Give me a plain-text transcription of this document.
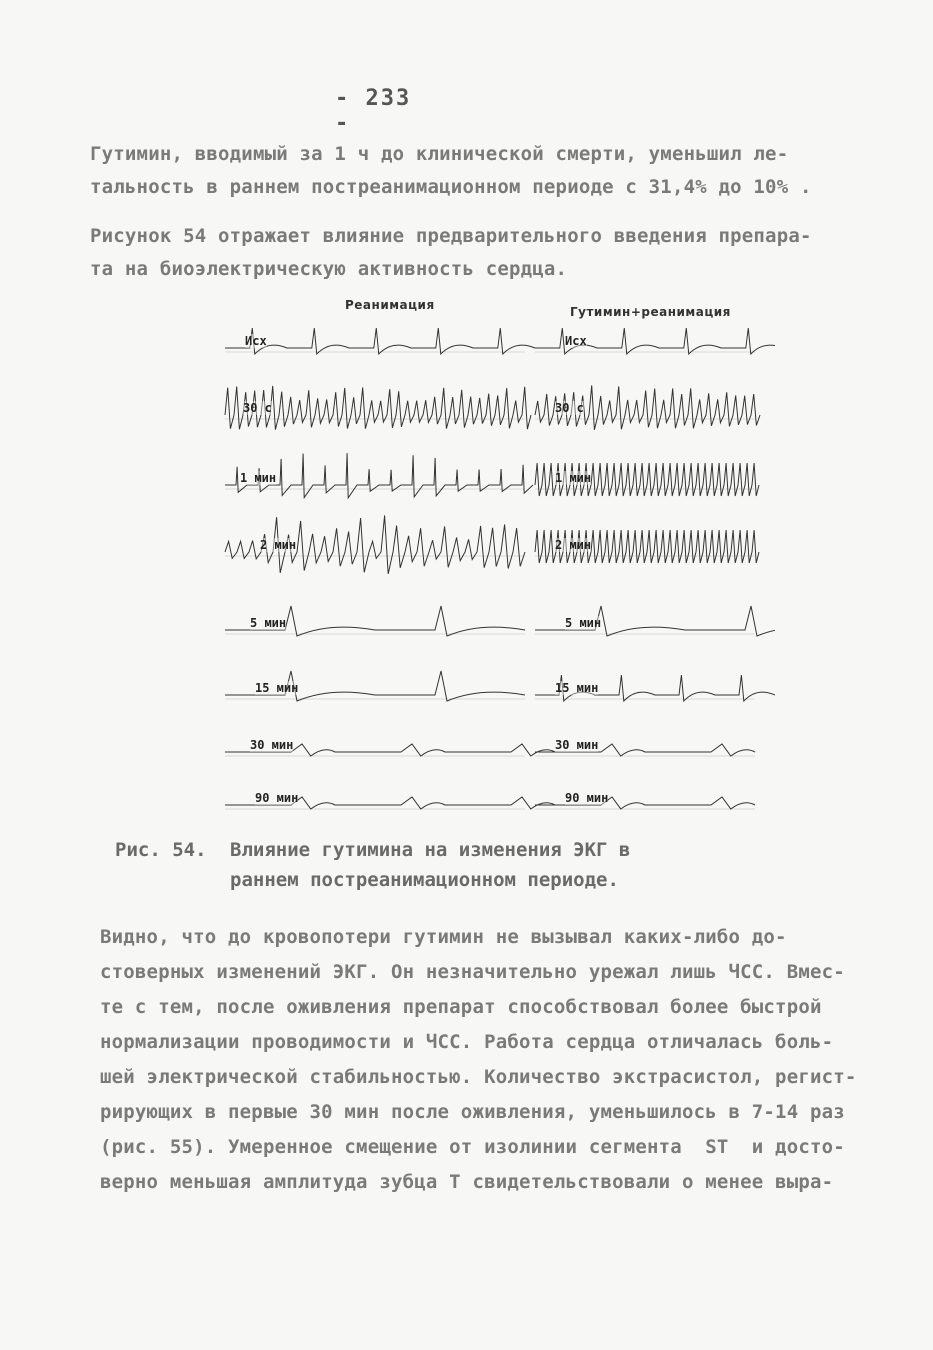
- 233 -
Гутимин, вводимый за 1 ч до клинической смерти, уменьшил ле-
тальность в раннем постреанимационном периоде с 31,4% до 10% .
Рисунок 54 отражает влияние предварительного введения препара-
та на биоэлектрическую активность сердца.
Реанимация	Гутимин+реанимация
Исх
30 с
1 мин
2 мин
5 мин
15 мин
30 мин
90 мин
Исх
30 с
1 мин
2 мин
5 мин
15 мин
30 мин
90 мин
Рис. 54. Влияние гутимина на изменения ЭКГ в
раннем постреанимационном периоде.
Видно, что до кровопотери гутимин не вызывал каких-либо до-
стоверных изменений ЭКГ. Он незначительно урежал лишь ЧСС. Вмес-
те с тем, после оживления препарат способствовал более быстрой
нормализации проводимости и ЧСС. Работа сердца отличалась боль-
шей электрической стабильностью. Количество экстрасистол, регист-
рирующих в первые 30 мин после оживления, уменьшилось в 7-14 раз
(рис. 55). Умеренное смещение от изолинии сегмента  ST  и досто-
верно меньшая амплитуда зубца Т свидетельствовали о менее выра-
